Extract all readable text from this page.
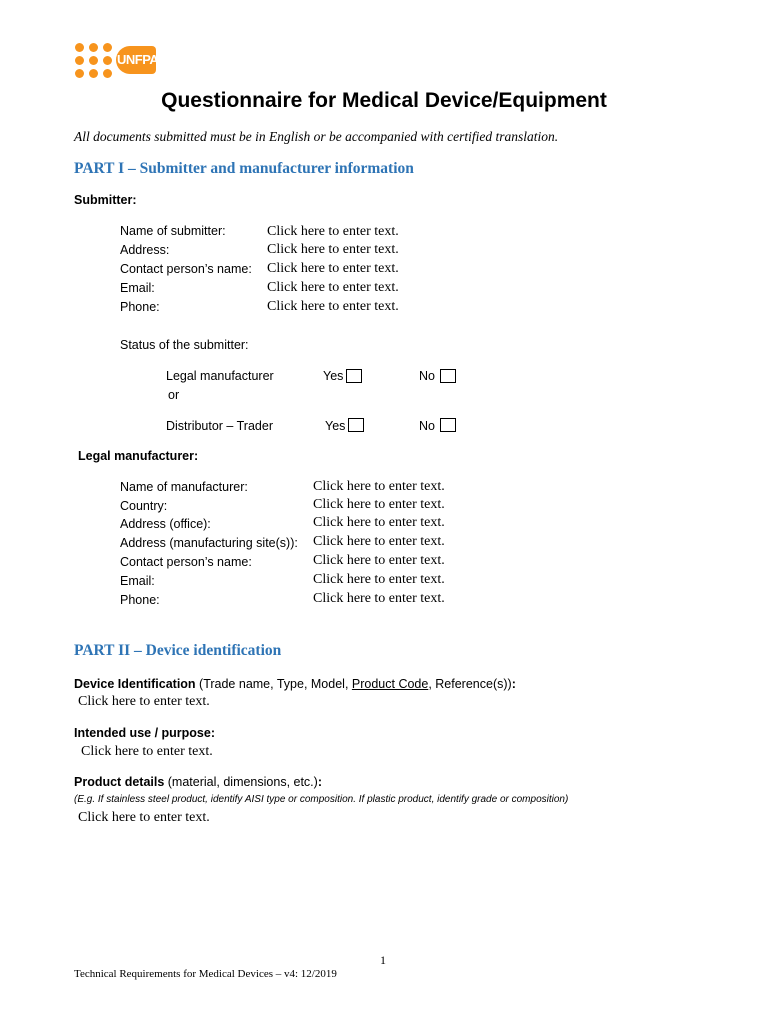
UNFPA
Questionnaire for Medical Device/Equipment
All documents submitted must be in English or be accompanied with certified translation.
PART I – Submitter and manufacturer information
Submitter:
Name of submitter:	Click here to enter text.
Address:	Click here to enter text.
Contact person’s name: Click here to enter text.
Email:	Click here to enter text.
Phone:	Click here to enter text.
Status of the submitter:
Legal manufacturer	Yes	No
or
Distributor – Trader	Yes	No
Legal manufacturer:
Name of manufacturer:	Click here to enter text.
Country:	Click here to enter text.
Address (office):	Click here to enter text.
Address (manufacturing site(s)): Click here to enter text.
Contact person’s name:	Click here to enter text.
Email:	Click here to enter text.
Phone:	Click here to enter text.
PART II – Device identification
Device Identification (Trade name, Type, Model, Product Code, Reference(s)):
Click here to enter text.
Intended use / purpose:
Click here to enter text.
Product details (material, dimensions, etc.):
(E.g. If stainless steel product, identify AISI type or composition. If plastic product, identify grade or composition)
Click here to enter text.
1
Technical Requirements for Medical Devices – v4: 12/2019
